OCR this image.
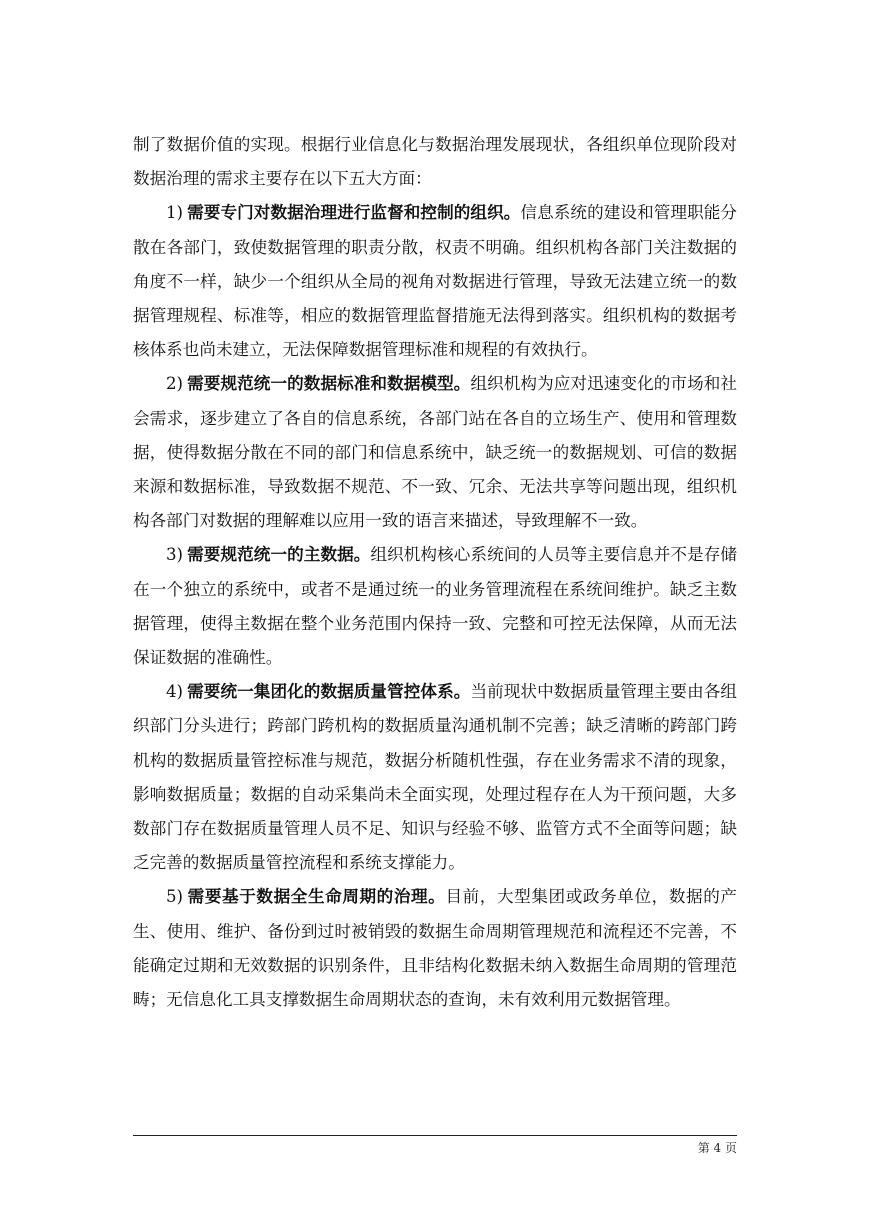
制了数据价值的实现。根据行业信息化与数据治理发展现状，各组织单位现阶段对数据治理的需求主要存在以下五大方面：

1) 需要专门对数据治理进行监督和控制的组织。信息系统的建设和管理职能分散在各部门，致使数据管理的职责分散，权责不明确。组织机构各部门关注数据的角度不一样，缺少一个组织从全局的视角对数据进行管理，导致无法建立统一的数据管理规程、标准等，相应的数据管理监督措施无法得到落实。组织机构的数据考核体系也尚未建立，无法保障数据管理标准和规程的有效执行。

2) 需要规范统一的数据标准和数据模型。组织机构为应对迅速变化的市场和社会需求，逐步建立了各自的信息系统，各部门站在各自的立场生产、使用和管理数据，使得数据分散在不同的部门和信息系统中，缺乏统一的数据规划、可信的数据来源和数据标准，导致数据不规范、不一致、冗余、无法共享等问题出现，组织机构各部门对数据的理解难以应用一致的语言来描述，导致理解不一致。

3) 需要规范统一的主数据。组织机构核心系统间的人员等主要信息并不是存储在一个独立的系统中，或者不是通过统一的业务管理流程在系统间维护。缺乏主数据管理，使得主数据在整个业务范围内保持一致、完整和可控无法保障，从而无法保证数据的准确性。

4) 需要统一集团化的数据质量管控体系。当前现状中数据质量管理主要由各组织部门分头进行；跨部门跨机构的数据质量沟通机制不完善；缺乏清晰的跨部门跨机构的数据质量管控标准与规范，数据分析随机性强，存在业务需求不清的现象，影响数据质量；数据的自动采集尚未全面实现，处理过程存在人为干预问题，大多数部门存在数据质量管理人员不足、知识与经验不够、监管方式不全面等问题；缺乏完善的数据质量管控流程和系统支撑能力。

5) 需要基于数据全生命周期的治理。目前，大型集团或政务单位，数据的产生、使用、维护、备份到过时被销毁的数据生命周期管理规范和流程还不完善，不能确定过期和无效数据的识别条件，且非结构化数据未纳入数据生命周期的管理范畴；无信息化工具支撑数据生命周期状态的查询，未有效利用元数据管理。

第 4 页
